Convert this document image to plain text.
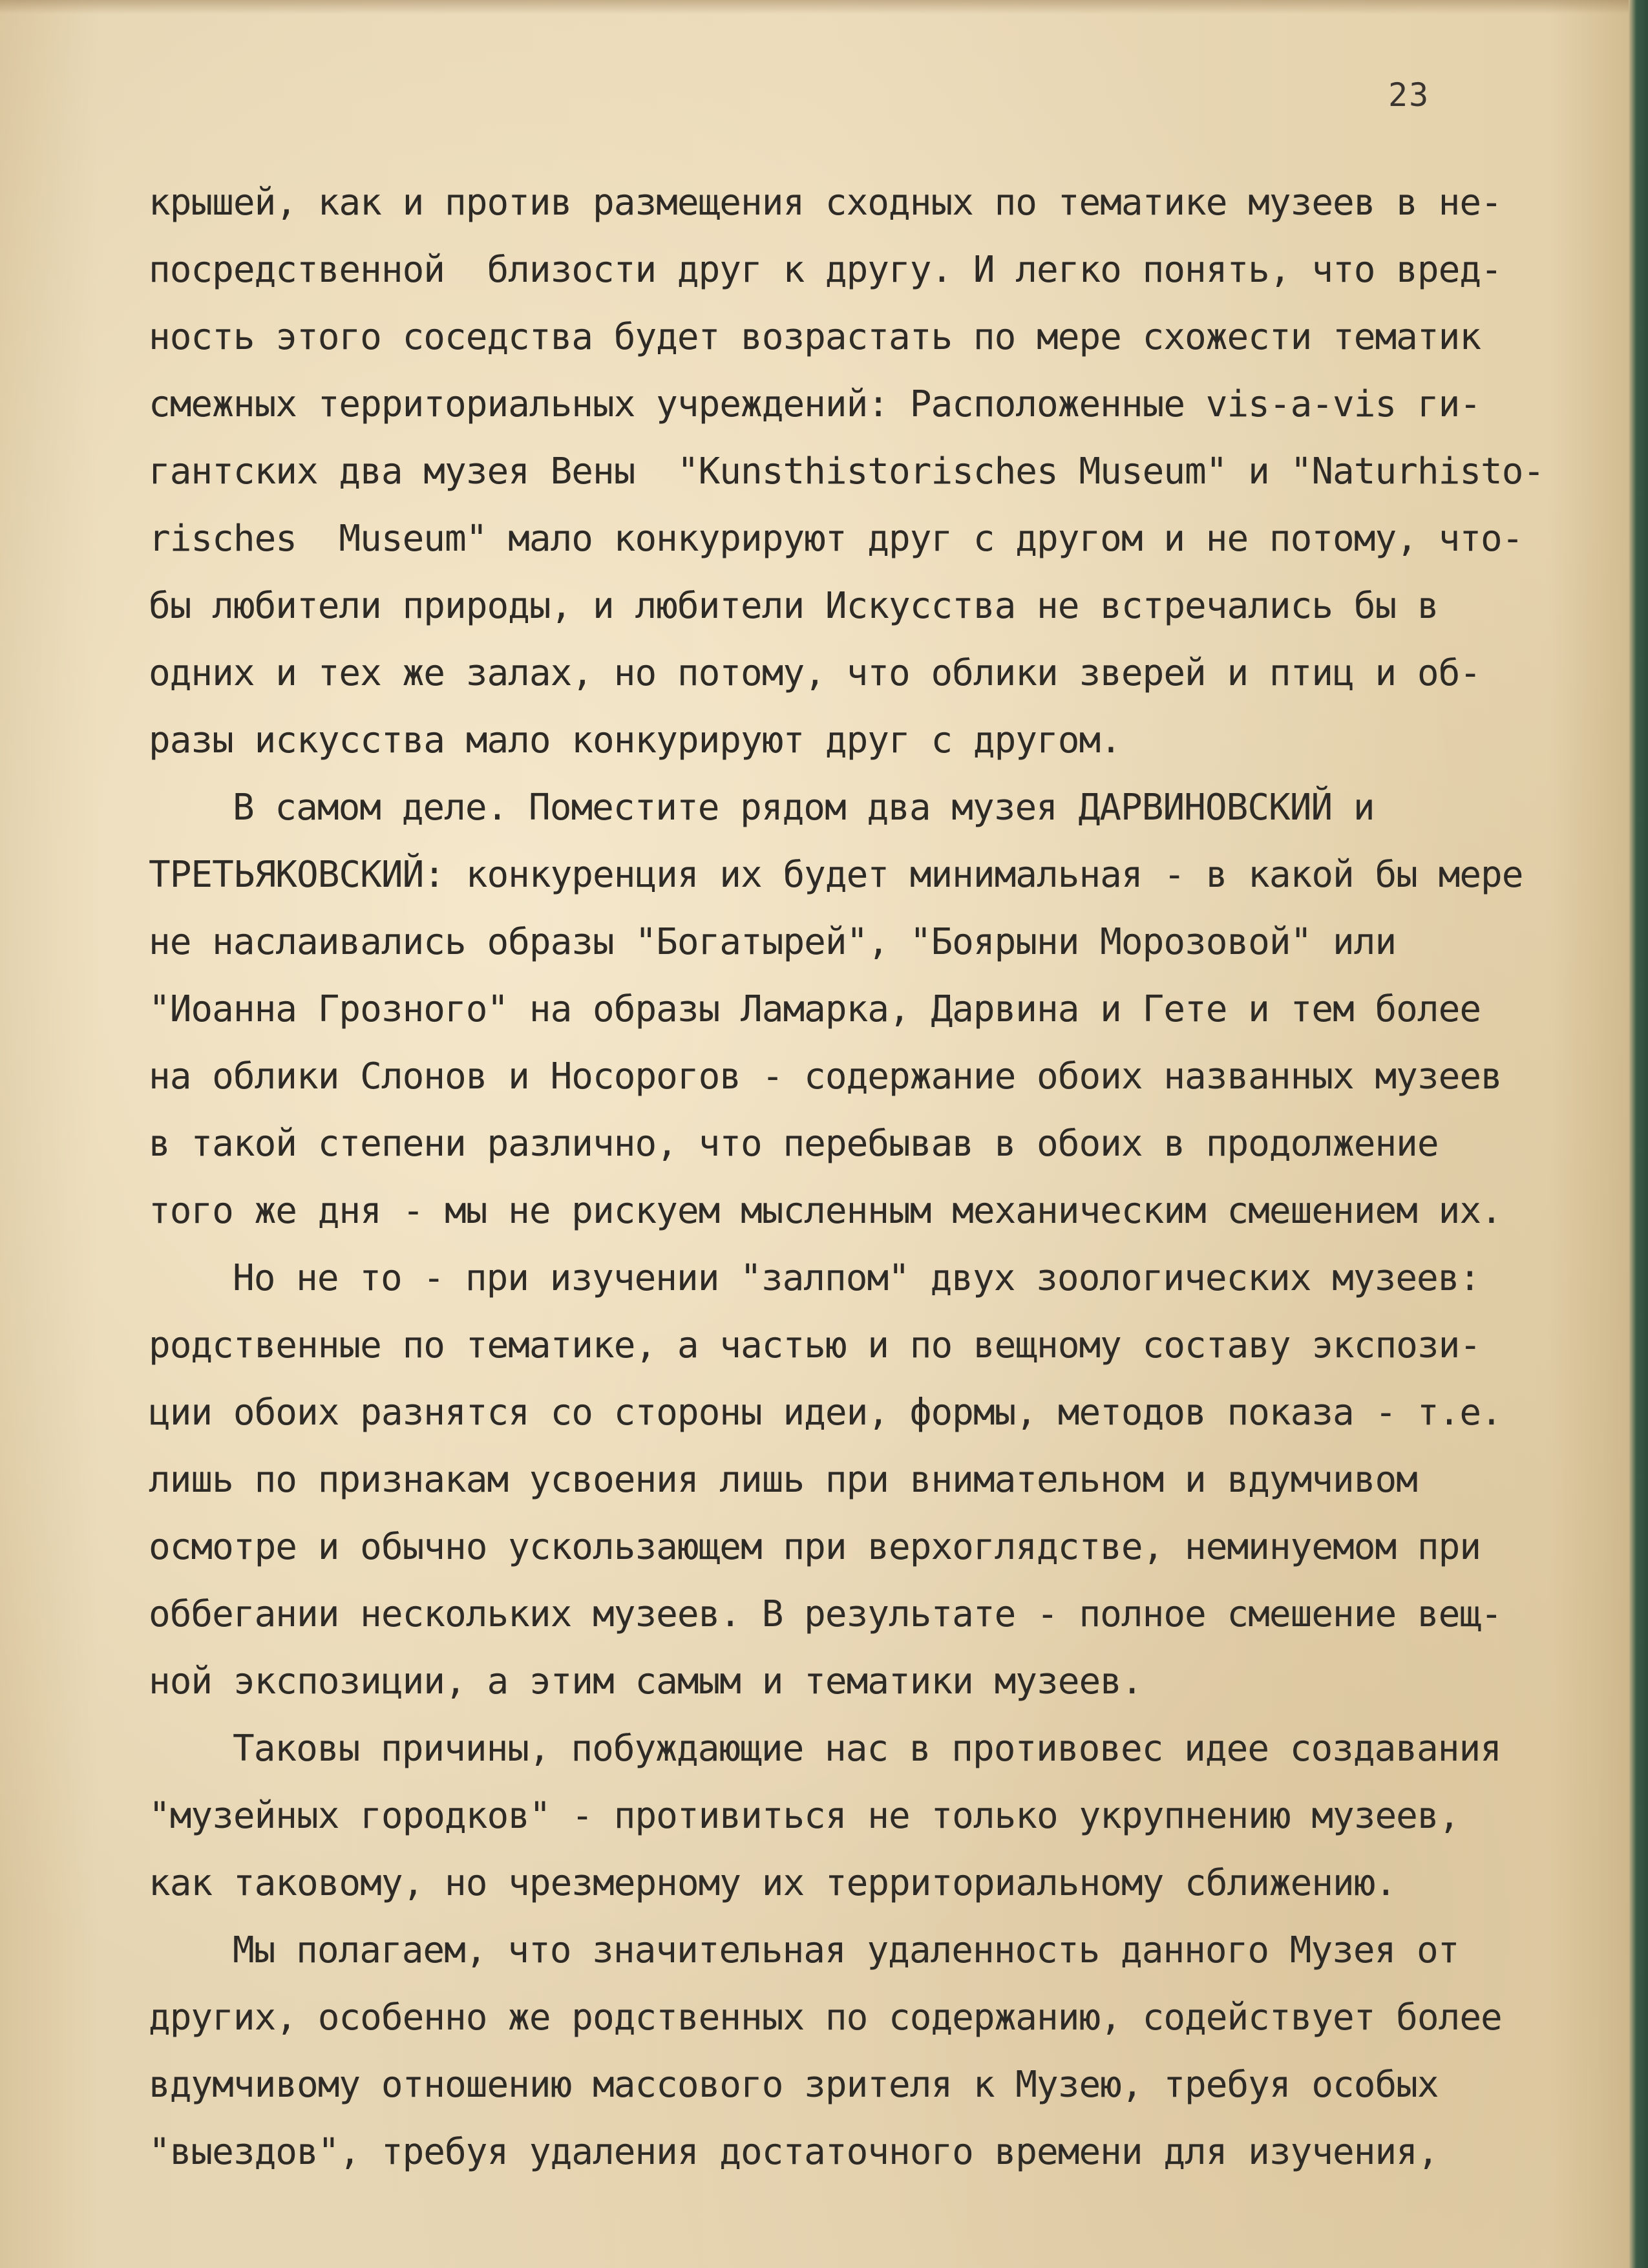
23
крышей, как и против размещения сходных по тематике музеев в не-
посредственной  близости друг к другу. И легко понять, что вред-
ность этого соседства будет возрастать по мере схожести тематик
смежных территориальных учреждений: Расположенные vis-a-vis ги-
гантских два музея Вены  "Kunsthistorisches Museum" и "Naturhisto-
risches  Museum" мало конкурируют друг с другом и не потому, что-
бы любители природы, и любители Искусства не встречались бы в
одних и тех же залах, но потому, что облики зверей и птиц и об-
разы искусства мало конкурируют друг с другом.
В самом деле. Поместите рядом два музея ДАРВИНОВСКИЙ и
ТРЕТЬЯКОВСКИЙ: конкуренция их будет минимальная - в какой бы мере
не наслаивались образы "Богатырей", "Боярыни Морозовой" или
"Иоанна Грозного" на образы Ламарка, Дарвина и Гете и тем более
на облики Слонов и Носорогов - содержание обоих названных музеев
в такой степени различно, что перебывав в обоих в продолжение
того же дня - мы не рискуем мысленным механическим смешением их.
Но не то - при изучении "залпом" двух зоологических музеев:
родственные по тематике, а частью и по вещному составу экспози-
ции обоих разнятся со стороны идеи, формы, методов показа - т.е.
лишь по признакам усвоения лишь при внимательном и вдумчивом
осмотре и обычно ускользающем при верхоглядстве, неминуемом при
оббегании нескольких музеев. В результате - полное смешение вещ-
ной экспозиции, а этим самым и тематики музеев.
Таковы причины, побуждающие нас в противовес идее создавания
"музейных городков" - противиться не только укрупнению музеев,
как таковому, но чрезмерному их территориальному сближению.
Мы полагаем, что значительная удаленность данного Музея от
других, особенно же родственных по содержанию, содействует более
вдумчивому отношению массового зрителя к Музею, требуя особых
"выездов", требуя удаления достаточного времени для изучения,
